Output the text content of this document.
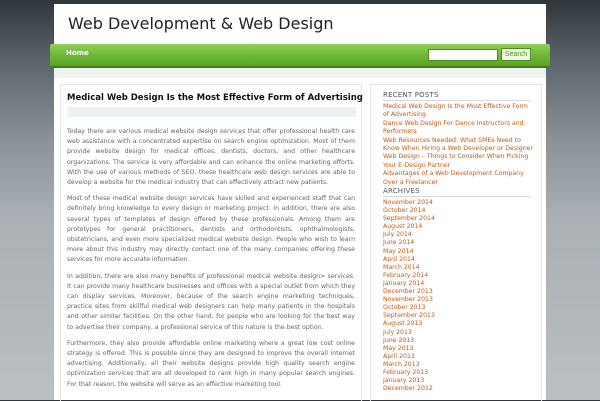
Web Development & Web Design
Home	Search
Medical Web Design Is the Most Effective Form of Advertising

Today there are various medical website design services that offer professional health care web assistance with a concentrated expertise on search engine optimization. Most of them provide website design for medical offices, dentists, doctors, and other healthcare organizations. The service is very affordable and can enhance the online marketing efforts. With the use of various methods of SEO, these healthcare web design services are able to develop a website for the medical industry that can effectively attract new patients.

Most of these medical website design services have skilled and experienced staff that can definitely bring knowledge to every design or marketing project. In addition, there are also several types of templates of design offered by these professionals. Among them are prototypes for general practitioners, dentists and orthodontists, ophthalmologists, obstetricians, and even more specialized medical website design. People who wish to learn more about this industry may directly contact one of the many companies offering these services for more accurate information.

In addition, there are also many benefits of professional medical website design> services. It can provide many healthcare businesses and offices with a special outlet from which they can display services. Moreover, because of the search engine marketing techniques, practice sites from skillful medical web designers can help many patients in the hospitals and other similar facilities. On the other hand, for people who are looking for the best way to advertise their company, a professional service of this nature is the best option.

Furthermore, they also provide affordable online marketing where a great low cost online strategy is offered. This is possible since they are designed to improve the overall internet advertising. Additionally, all their website designs provide high quality search engine optimization services that are all developed to rank high in many popular search engines. For that reason, the website will serve as an effective marketing tool.

RECENT POSTS
Medical Web Design Is the Most Effective Form of Advertising
Dance Web Design For Dance Instructors and Performers
Web Resources Needed: What SMEs Need to Know When Hiring a Web Developer or Designer
Web Design – Things to Consider When Picking Your E-Design Partner
Advantages of a Web Development Company Over a Freelancer
ARCHIVES
November 2014
October 2014
September 2014
August 2014
July 2014
June 2014
May 2014
April 2014
March 2014
February 2014
January 2014
December 2013
November 2013
October 2013
September 2013
August 2013
July 2013
June 2013
May 2013
April 2013
March 2013
February 2013
January 2013
December 2012
